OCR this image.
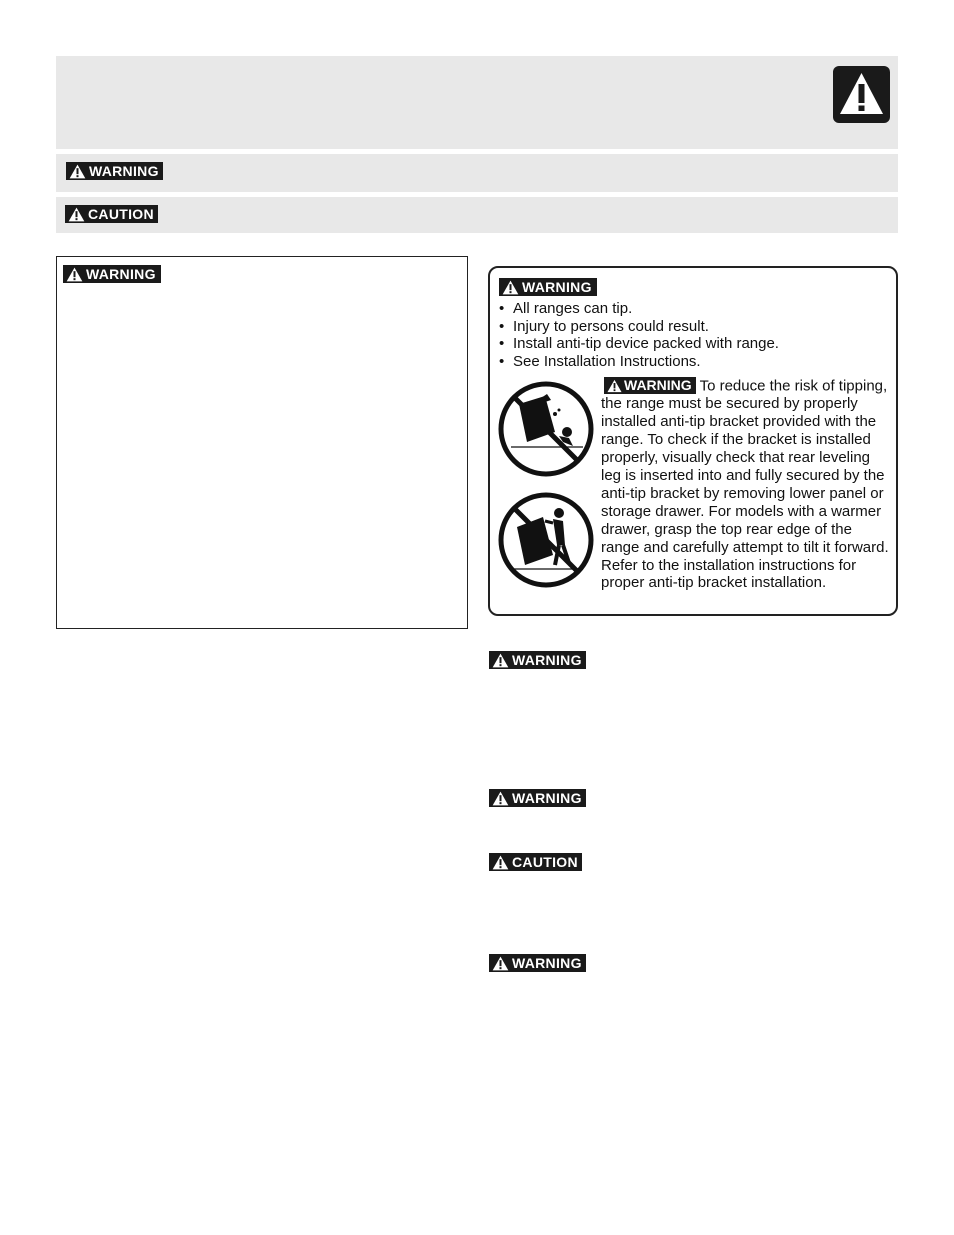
WARNING
CAUTION
WARNING
WARNING
• All ranges can tip.
• Injury to persons could result.
• Install anti-tip device packed with range.
• See Installation Instructions.
WARNING To reduce the risk of tipping, the range must be secured by properly installed anti-tip bracket provided with the range. To check if the bracket is installed properly, visually check that rear leveling leg is inserted into and fully secured by the anti-tip bracket by removing lower panel or storage drawer. For models with a warmer drawer, grasp the top rear edge of the range and carefully attempt to tilt it forward. Refer to the installation instructions for proper anti-tip bracket installation.
WARNING
WARNING
CAUTION
WARNING
